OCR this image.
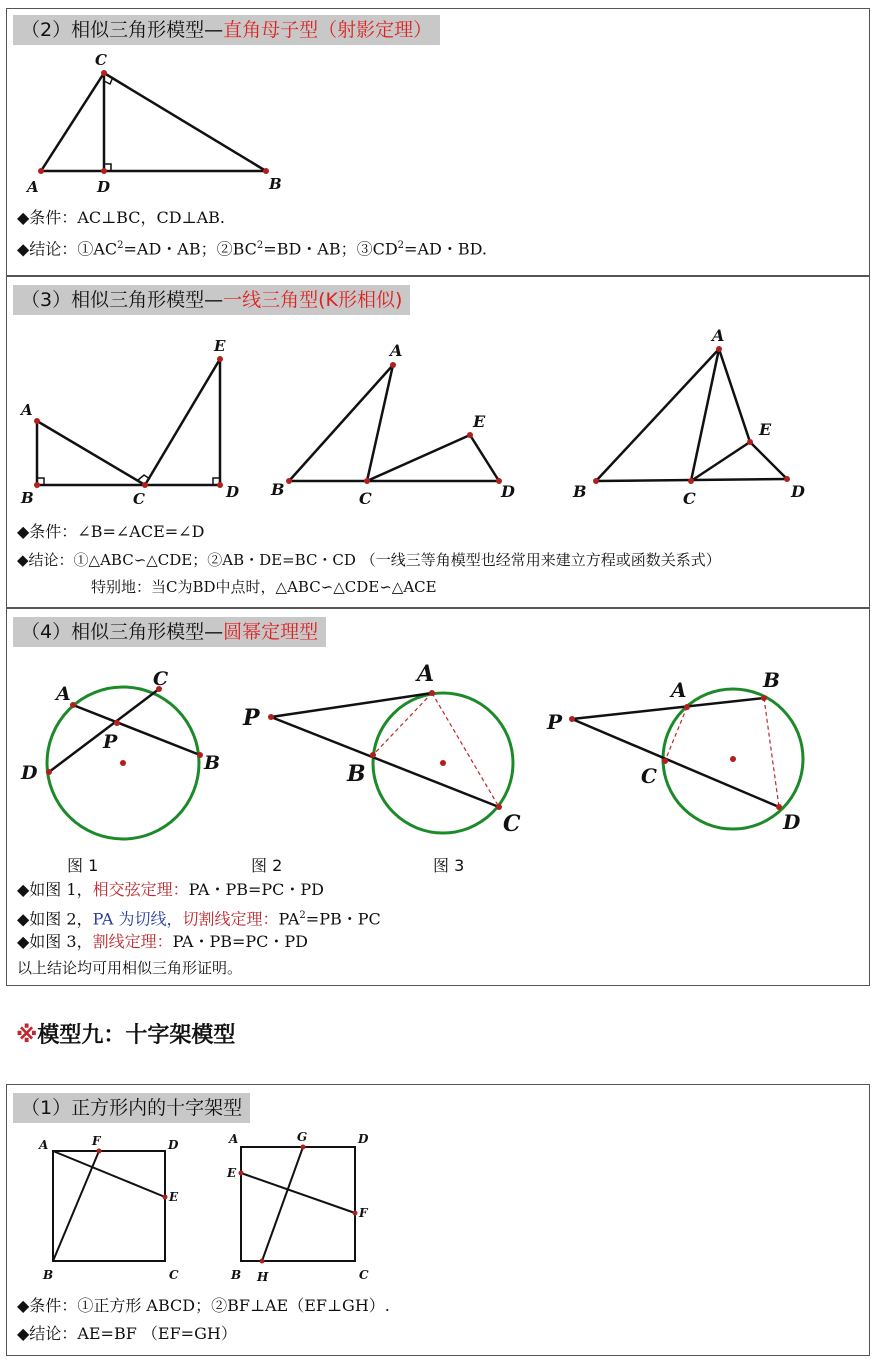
（2）相似三角形模型—直角母子型（射影定理）
C
A	D	B
◆条件：AC⊥BC，CD⊥AB.
◆结论：$①AC^2=AD$・AB；$②BC^2=BD$・AB；$③CD^2=AD$・BD.
（3）相似三角形模型—一线三角型(K形相似)
A
B	C	D
E	A
B	C	D
E
A
B	C	D
E
◆条件：∠B=∠ACE=∠D
◆结论：①△ABC∽△CDE；②AB・DE=BC・CD （一线三等角模型也经常用来建立方程或函数关系式）
特别地：当C为BD中点时，△ABC∽△CDE∽△ACE
（4）相似三角形模型—圆幂定理型
A
C
B
D
P
P
A
B
C
P
A	B
C
D
图 1	图 2	图 3
◆如图 1，相交弦定理：PA・PB=PC・PD
◆如图 2，PA 为切线，切割线定理：$PA^2=PB$・PC
◆如图 3，割线定理：PA・PB=PC・PD
以上结论均可用相似三角形证明。
※模型九：十字架模型
（1）正方形内的十字架型
A	F	D
E
B	C
A	G	D
E
F
B H	C
◆条件：①正方形 ABCD；②BF⊥AE（EF⊥GH）.
◆结论：AE=BF （EF=GH）
